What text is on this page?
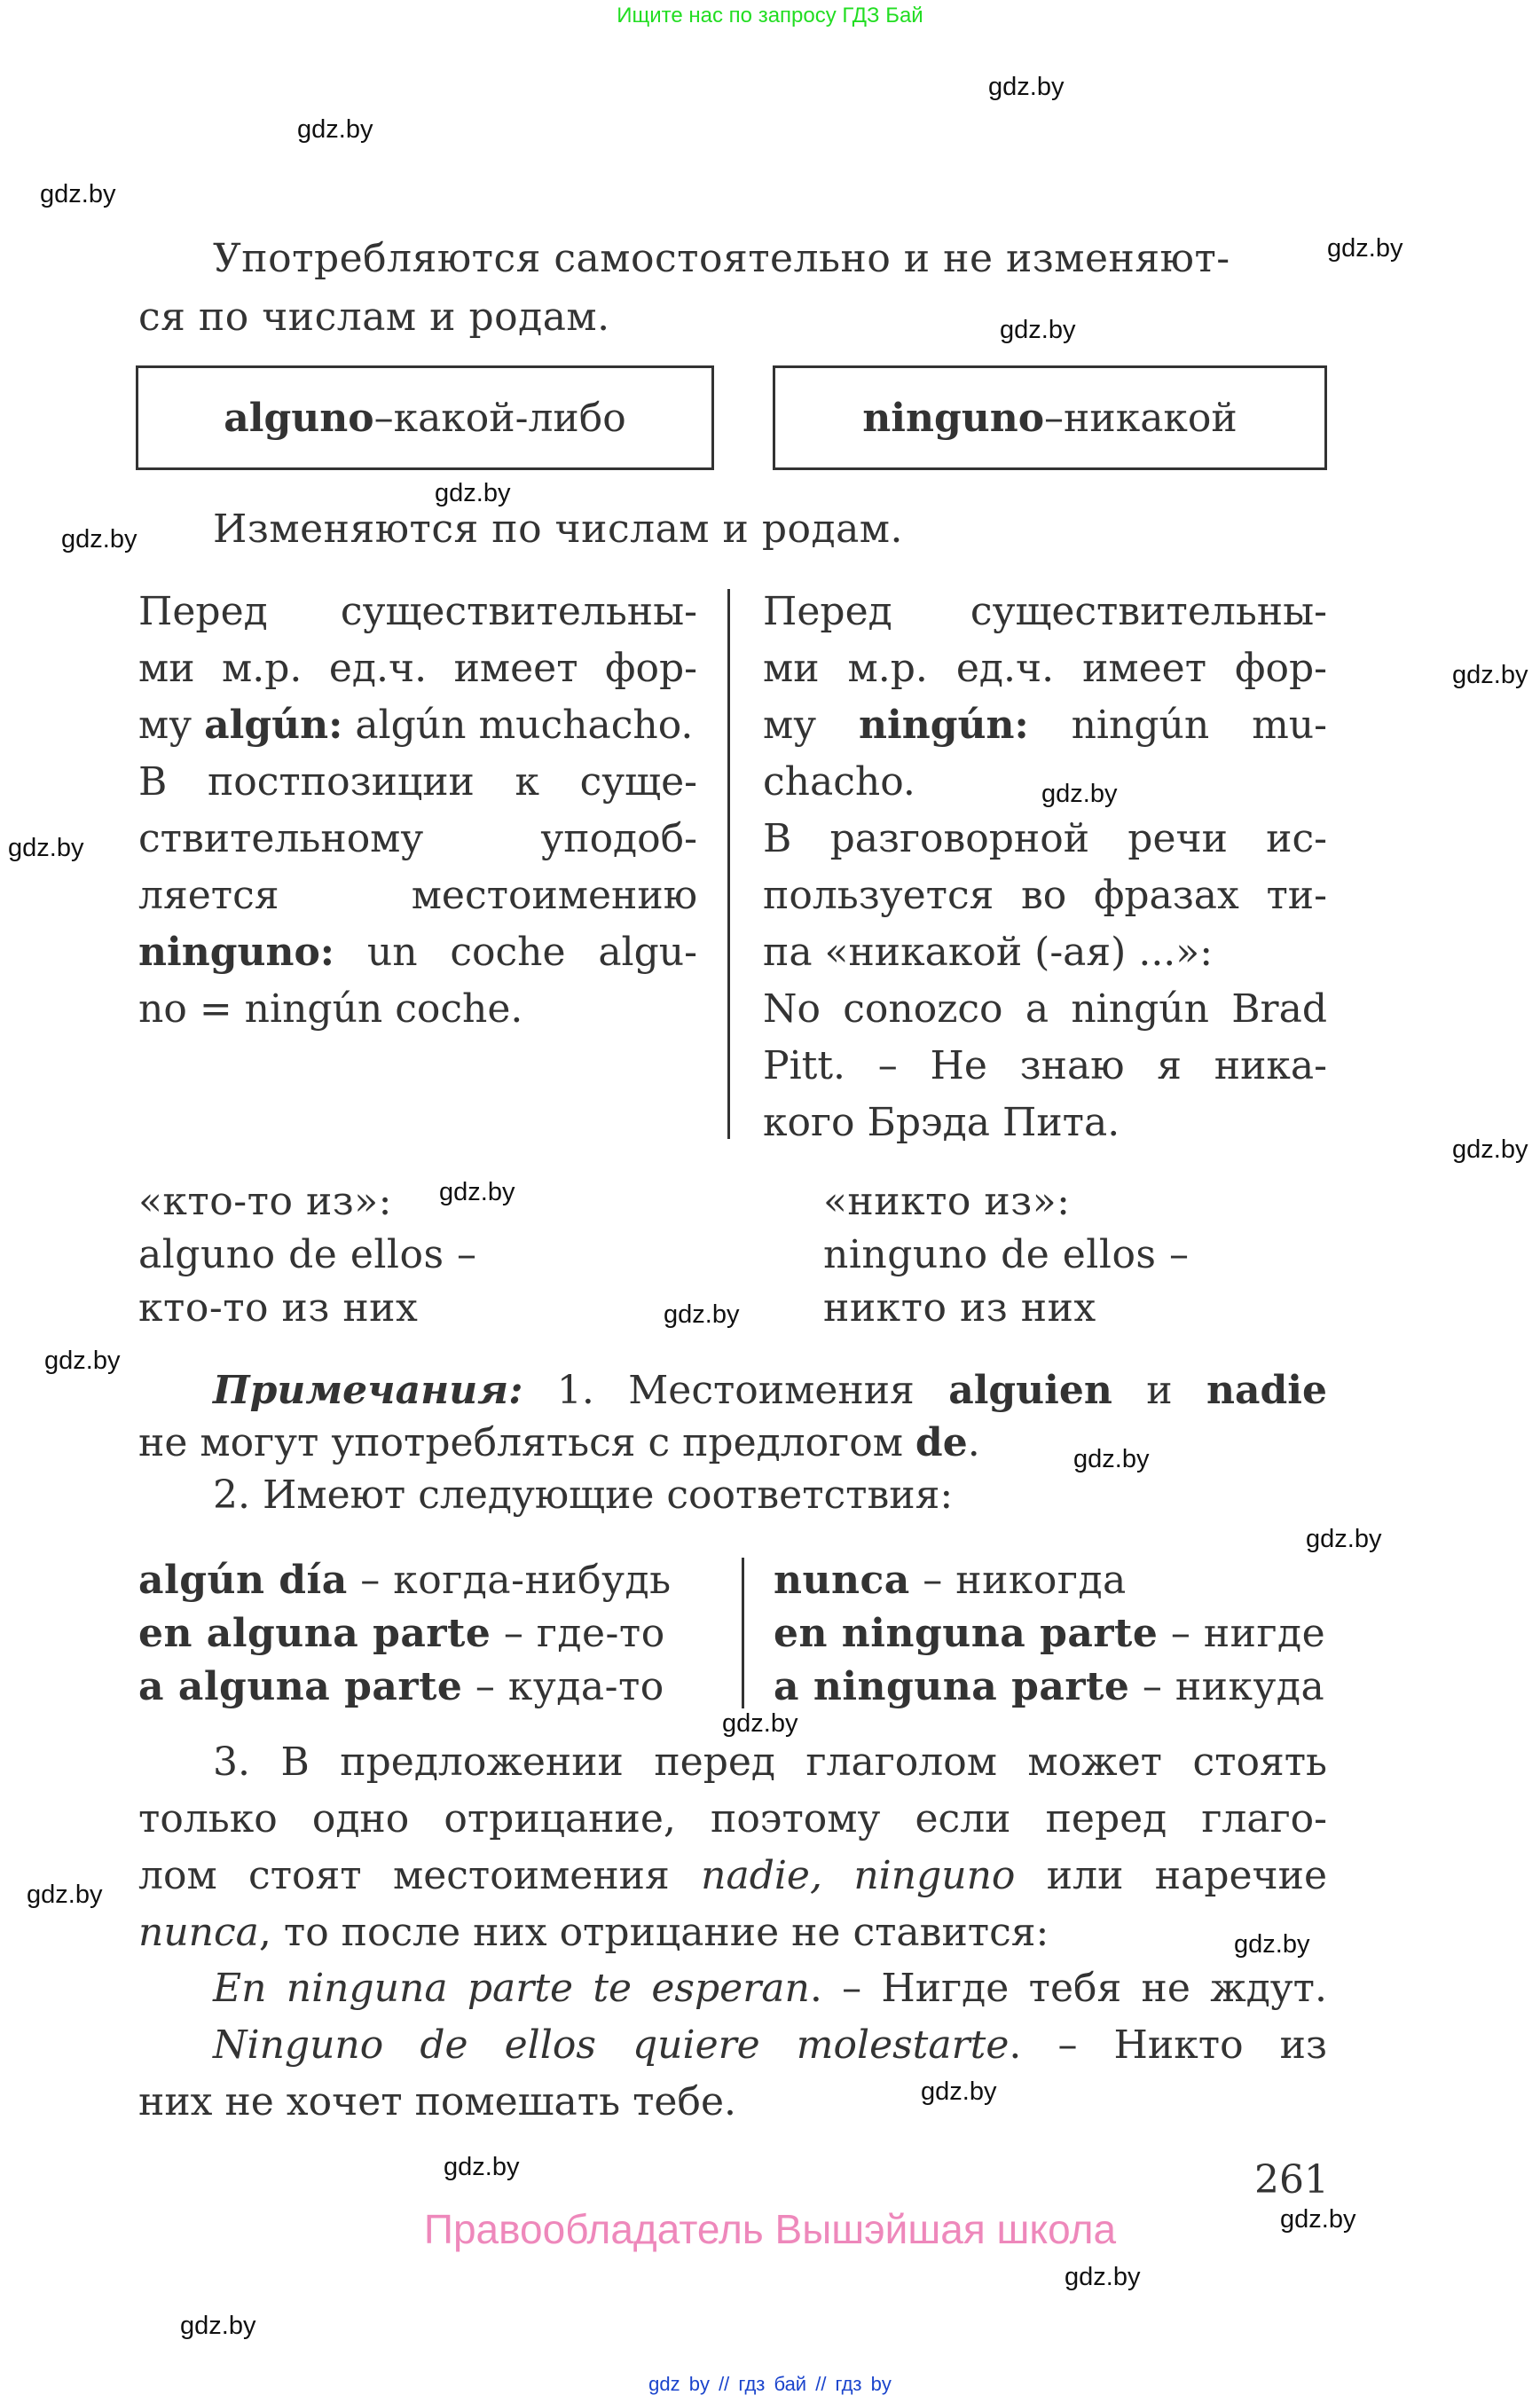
Ищите нас по запросу ГДЗ Бай
Употребляются самостоятельно и не изменяют-
ся по числам и родам.
alguno – какой-либо	ninguno – никакой
Изменяются по числам и родам.
Перед существительны-
ми м.р. ед.ч. имеет фор-
му algún: algún muchacho.
В постпозиции к суще-
ствительному уподоб-
ляется местоимению
ninguno: un coche algu-
no = ningún coche.
Перед существительны-
ми м.р. ед.ч. имеет фор-
му ningún: ningún mu-
chacho.
В разговорной речи ис-
пользуется во фразах ти-
па «никакой (-ая) ...»:
No conozco a ningún Brad
Pitt. – Не знаю я ника-
кого Брэда Пита.
«кто-то из»:
alguno de ellos –
кто-то из них
«никто из»:
ninguno de ellos –
никто из них
Примечания: 1. Местоимения alguien и nadie
не могут употребляться с предлогом de.
2. Имеют следующие соответствия:
algún día – когда-нибудь
en alguna parte – где-то
a alguna parte – куда-то
nunca – никогда
en ninguna parte – нигде
a ninguna parte – никуда
3. В предложении перед глаголом может стоять
только одно отрицание, поэтому если перед глаго-
лом стоят местоимения nadie, ninguno или наречие
nunca, то после них отрицание не ставится:
En ninguna parte te esperan. – Нигде тебя не ждут.
Ninguno de ellos quiere molestarte. – Никто из
них не хочет помешать тебе.
261
Правообладатель Вышэйшая школа
gdz by // гдз бай // гдз by
gdz.by
gdz.by
gdz.by
gdz.by
gdz.by
gdz.by
gdz.by
gdz.by
gdz.by
gdz.by
gdz.by
gdz.by
gdz.by
gdz.by
gdz.by
gdz.by
gdz.by
gdz.by
gdz.by
gdz.by
gdz.by
gdz.by
gdz.by
gdz.by
